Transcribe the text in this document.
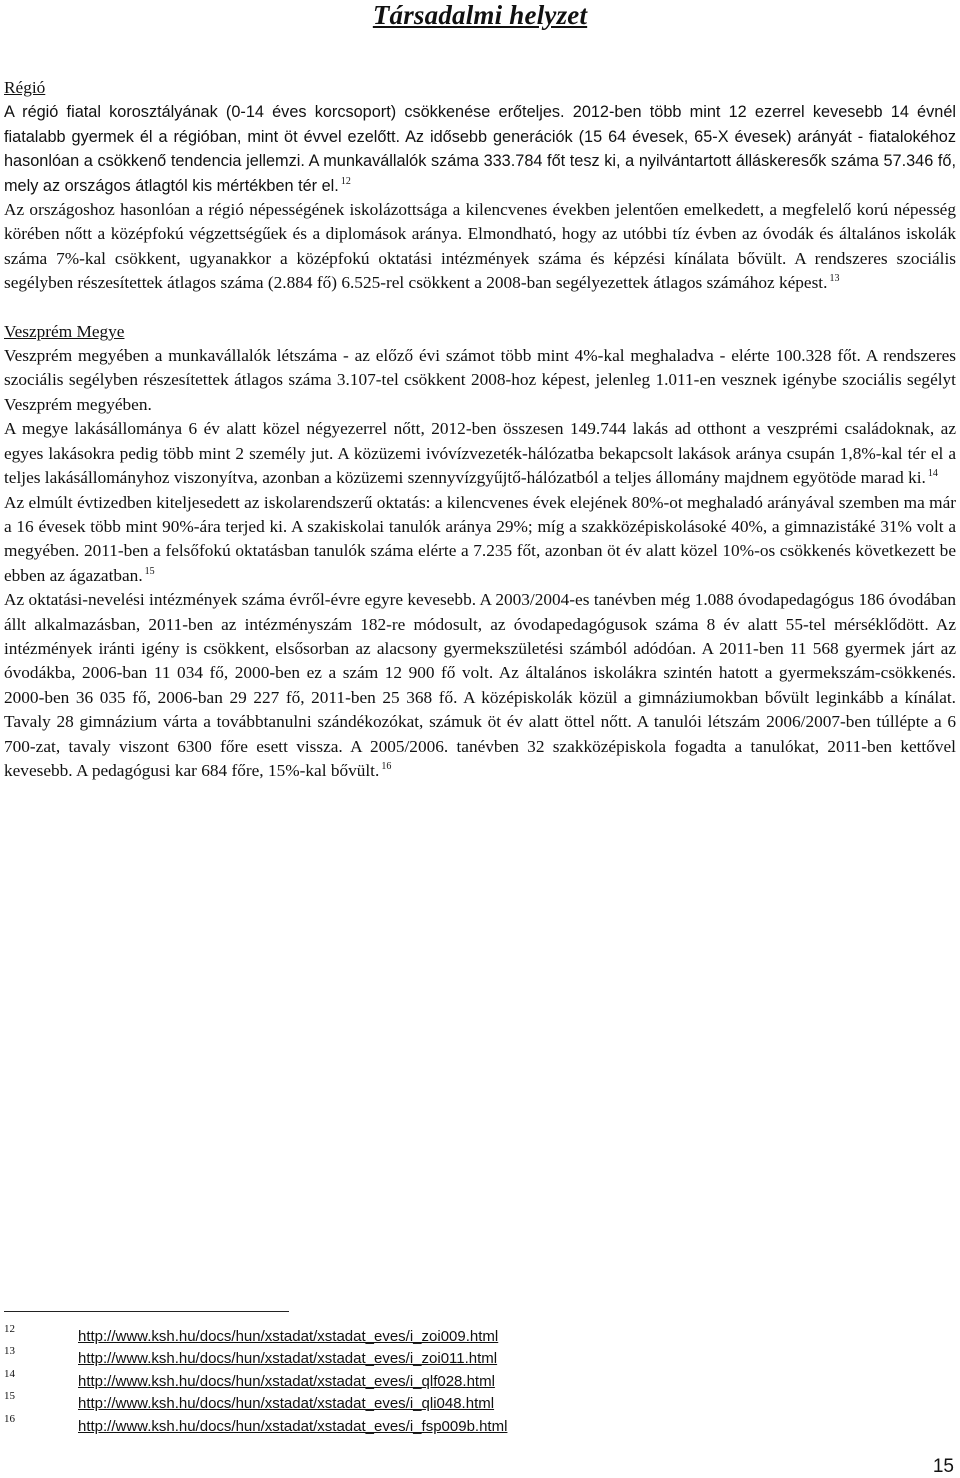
Társadalmi helyzet

Régió

A régió fiatal korosztályának (0-14 éves korcsoport) csökkenése erőteljes. 2012-ben több mint 12 ezerrel kevesebb 14 évnél fiatalabb gyermek él a régióban, mint öt évvel ezelőtt. Az idősebb generációk (15 64 évesek, 65-X évesek) arányát - fiatalokéhoz hasonlóan a csökkenő tendencia jellemzi. A munkavállalók száma 333.784 főt tesz ki, a nyilvántartott álláskeresők száma 57.346 fő, mely az országos átlagtól kis mértékben tér el. $^{12}$

Az országoshoz hasonlóan a régió népességének iskolázottsága a kilencvenes években jelentően emelkedett, a megfelelő korú népesség körében nőtt a középfokú végzettségűek és a diplomások aránya. Elmondható, hogy az utóbbi tíz évben az óvodák és általános iskolák száma 7%-kal csökkent, ugyanakkor a középfokú oktatási intézmények száma és képzési kínálata bővült. A rendszeres szociális segélyben részesítettek átlagos száma (2.884 fő) 6.525-rel csökkent a 2008-ban segélyezettek átlagos számához képest. $^{13}$

Veszprém Megye

Veszprém megyében a munkavállalók létszáma - az előző évi számot több mint 4%-kal meghaladva - elérte 100.328 főt. A rendszeres szociális segélyben részesítettek átlagos száma 3.107-tel csökkent 2008-hoz képest, jelenleg 1.011-en vesznek igénybe szociális segélyt Veszprém megyében.

A megye lakásállománya 6 év alatt közel négyezerrel nőtt, 2012-ben összesen 149.744 lakás ad otthont a veszprémi családoknak, az egyes lakásokra pedig több mint 2 személy jut. A közüzemi ivóvízvezeték-hálózatba bekapcsolt lakások aránya csupán 1,8%-kal tér el a teljes lakásállományhoz viszonyítva, azonban a közüzemi szennyvízgyűjtő-hálózatból a teljes állomány majdnem egyötöde marad ki. $^{14}$

Az elmúlt évtizedben kiteljesedett az iskolarendszerű oktatás: a kilencvenes évek elejének 80%-ot meghaladó arányával szemben ma már a 16 évesek több mint 90%-ára terjed ki. A szakiskolai tanulók aránya 29%; míg a szakközépiskolásoké 40%, a gimnazistáké 31% volt a megyében. 2011-ben a felsőfokú oktatásban tanulók száma elérte a 7.235 főt, azonban öt év alatt közel 10%-os csökkenés következett be ebben az ágazatban. $^{15}$

Az oktatási-nevelési intézmények száma évről-évre egyre kevesebb. A 2003/2004-es tanévben még 1.088 óvodapedagógus 186 óvodában állt alkalmazásban, 2011-ben az intézményszám 182-re módosult, az óvodapedagógusok száma 8 év alatt 55-tel mérséklődött. Az intézmények iránti igény is csökkent, elsősorban az alacsony gyermekszületési számból adódóan. A 2011-ben 11 568 gyermek járt az óvodákba, 2006-ban 11 034 fő, 2000-ben ez a szám 12 900 fő volt. Az általános iskolákra szintén hatott a gyermekszám-csökkenés. 2000-ben 36 035 fő, 2006-ban 29 227 fő, 2011-ben 25 368 fő. A középiskolák közül a gimnáziumokban bővült leginkább a kínálat. Tavaly 28 gimnázium várta a továbbtanulni szándékozókat, számuk öt év alatt öttel nőtt. A tanulói létszám 2006/2007-ben túllépte a 6 700-zat, tavaly viszont 6300 főre esett vissza. A 2005/2006. tanévben 32 szakközépiskola fogadta a tanulókat, 2011-ben kettővel kevesebb. A pedagógusi kar 684 főre, 15%-kal bővült. $^{16}$

12	http://www.ksh.hu/docs/hun/xstadat/xstadat_eves/i_zoi009.html
13	http://www.ksh.hu/docs/hun/xstadat/xstadat_eves/i_zoi011.html
14	http://www.ksh.hu/docs/hun/xstadat/xstadat_eves/i_qlf028.html
15	http://www.ksh.hu/docs/hun/xstadat/xstadat_eves/i_qli048.html
16	http://www.ksh.hu/docs/hun/xstadat/xstadat_eves/i_fsp009b.html
15
